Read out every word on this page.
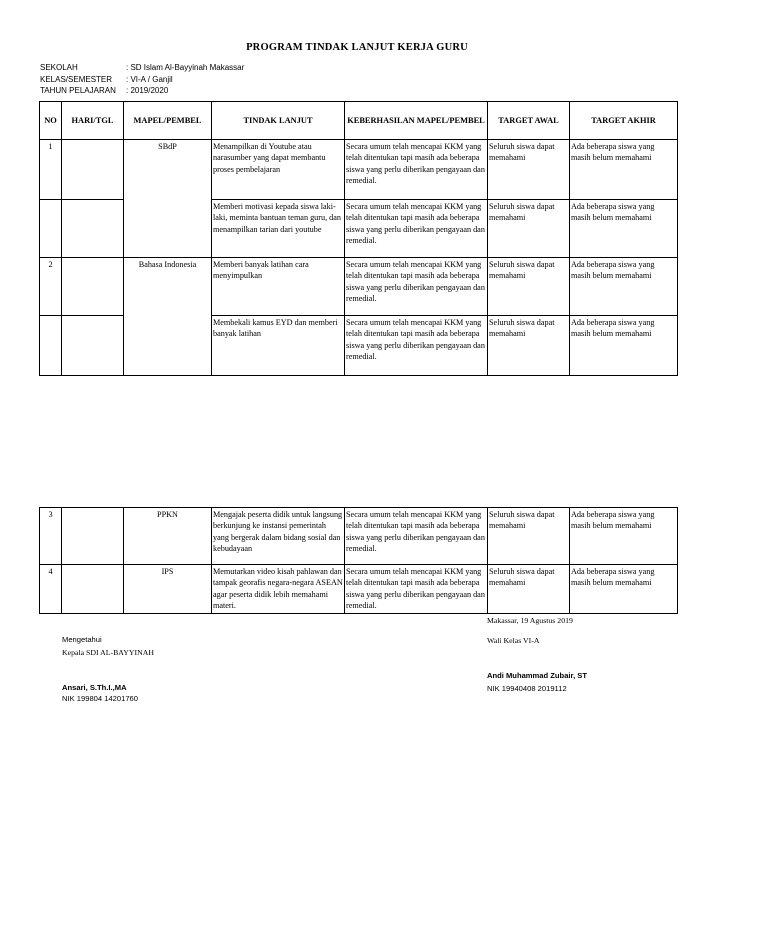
PROGRAM TINDAK LANJUT KERJA GURU
SEKOLAH	: SD Islam Al-Bayyinah Makassar
KELAS/SEMESTER	: VI-A / Ganjil
TAHUN PELAJARAN	: 2019/2020
NO	HARI/TGL	MAPEL/PEMBEL	TINDAK LANJUT	KEBERHASILAN MAPEL/PEMBEL	TARGET AWAL	TARGET AKHIR
1		SBdP	Menampilkan di Youtube atau narasumber yang dapat membantu proses pembelajaran	Secara umum telah mencapai KKM yang telah ditentukan tapi masih ada beberapa siswa yang perlu diberikan pengayaan dan remedial.	Seluruh siswa dapat memahami	Ada beberapa siswa yang masih belum memahami
			Memberi motivasi kepada siswa laki-laki, meminta bantuan teman guru, dan menampilkan tarian dari youtube	Secara umum telah mencapai KKM yang telah ditentukan tapi masih ada beberapa siswa yang perlu diberikan pengayaan dan remedial.	Seluruh siswa dapat memahami	Ada beberapa siswa yang masih belum memahami
2		Bahasa Indonesia	Memberi banyak latihan cara menyimpulkan	Secara umum telah mencapai KKM yang telah ditentukan tapi masih ada beberapa siswa yang perlu diberikan pengayaan dan remedial.	Seluruh siswa dapat memahami	Ada beberapa siswa yang masih belum memahami
			Membekali kamus EYD dan memberi banyak latihan	Secara umum telah mencapai KKM yang telah ditentukan tapi masih ada beberapa siswa yang perlu diberikan pengayaan dan remedial.	Seluruh siswa dapat memahami	Ada beberapa siswa yang masih belum memahami
3		PPKN	Mengajak peserta didik untuk langsung berkunjung ke instansi pemerintah yang bergerak dalam bidang sosial dan kebudayaan	Secara umum telah mencapai KKM yang telah ditentukan tapi masih ada beberapa siswa yang perlu diberikan pengayaan dan remedial.	Seluruh siswa dapat memahami	Ada beberapa siswa yang masih belum memahami
4		IPS	Memutarkan video kisah pahlawan dan tampak georafis negara-negara ASEAN agar peserta didik lebih memahami materi.	Secara umum telah mencapai KKM yang telah ditentukan tapi masih ada beberapa siswa yang perlu diberikan pengayaan dan remedial.	Seluruh siswa dapat memahami	Ada beberapa siswa yang masih belum memahami
Makassar, 19 Agustus 2019
Wali Kelas VI-A
Andi Muhammad Zubair, ST
NIK 19940408 2019112
Mengetahui
Kepala SDI AL-BAYYINAH
Ansari, S.Th.I.,MA
NIK 199804 14201760
